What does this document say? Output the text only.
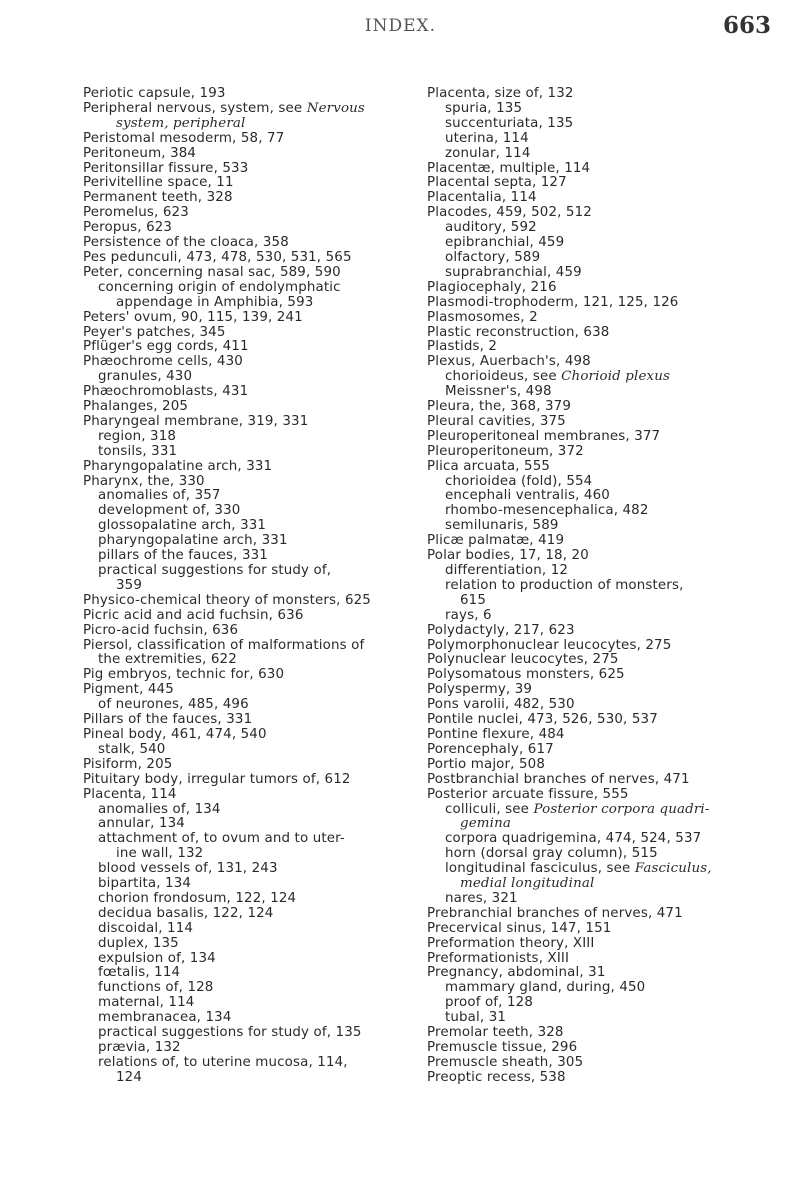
INDEX.	663
Periotic capsule, 193
Peripheral nervous, system, see Nervous
system, peripheral
Peristomal mesoderm, 58, 77
Peritoneum, 384
Peritonsillar fissure, 533
Perivitelline space, 11
Permanent teeth, 328
Peromelus, 623
Peropus, 623
Persistence of the cloaca, 358
Pes pedunculi, 473, 478, 530, 531, 565
Peter, concerning nasal sac, 589, 590
concerning origin of endolymphatic
appendage in Amphibia, 593
Peters' ovum, 90, 115, 139, 241
Peyer's patches, 345
Pflüger's egg cords, 411
Phæochrome cells, 430
granules, 430
Phæochromoblasts, 431
Phalanges, 205
Pharyngeal membrane, 319, 331
region, 318
tonsils, 331
Pharyngopalatine arch, 331
Pharynx, the, 330
anomalies of, 357
development of, 330
glossopalatine arch, 331
pharyngopalatine arch, 331
pillars of the fauces, 331
practical suggestions for study of,
359
Physico-chemical theory of monsters, 625
Picric acid and acid fuchsin, 636
Picro-acid fuchsin, 636
Piersol, classification of malformations of
the extremities, 622
Pig embryos, technic for, 630
Pigment, 445
of neurones, 485, 496
Pillars of the fauces, 331
Pineal body, 461, 474, 540
stalk, 540
Pisiform, 205
Pituitary body, irregular tumors of, 612
Placenta, 114
anomalies of, 134
annular, 134
attachment of, to ovum and to uter-
ine wall, 132
blood vessels of, 131, 243
bipartita, 134
chorion frondosum, 122, 124
decidua basalis, 122, 124
discoidal, 114
duplex, 135
expulsion of, 134
fœtalis, 114
functions of, 128
maternal, 114
membranacea, 134
practical suggestions for study of, 135
prævia, 132
relations of, to uterine mucosa, 114,
124
Placenta, size of, 132
spuria, 135
succenturiata, 135
uterina, 114
zonular, 114
Placentæ, multiple, 114
Placental septa, 127
Placentalia, 114
Placodes, 459, 502, 512
auditory, 592
epibranchial, 459
olfactory, 589
suprabranchial, 459
Plagiocephaly, 216
Plasmodi-trophoderm, 121, 125, 126
Plasmosomes, 2
Plastic reconstruction, 638
Plastids, 2
Plexus, Auerbach's, 498
chorioideus, see Chorioid plexus
Meissner's, 498
Pleura, the, 368, 379
Pleural cavities, 375
Pleuroperitoneal membranes, 377
Pleuroperitoneum, 372
Plica arcuata, 555
chorioidea (fold), 554
encephali ventralis, 460
rhombo-mesencephalica, 482
semilunaris, 589
Plicæ palmatæ, 419
Polar bodies, 17, 18, 20
differentiation, 12
relation to production of monsters,
615
rays, 6
Polydactyly, 217, 623
Polymorphonuclear leucocytes, 275
Polynuclear leucocytes, 275
Polysomatous monsters, 625
Polyspermy, 39
Pons varolii, 482, 530
Pontile nuclei, 473, 526, 530, 537
Pontine flexure, 484
Porencephaly, 617
Portio major, 508
Postbranchial branches of nerves, 471
Posterior arcuate fissure, 555
colliculi, see Posterior corpora quadri-
gemina
corpora quadrigemina, 474, 524, 537
horn (dorsal gray column), 515
longitudinal fasciculus, see Fasciculus,
medial longitudinal
nares, 321
Prebranchial branches of nerves, 471
Precervical sinus, 147, 151
Preformation theory, XIII
Preformationists, XIII
Pregnancy, abdominal, 31
mammary gland, during, 450
proof of, 128
tubal, 31
Premolar teeth, 328
Premuscle tissue, 296
Premuscle sheath, 305
Preoptic recess, 538
